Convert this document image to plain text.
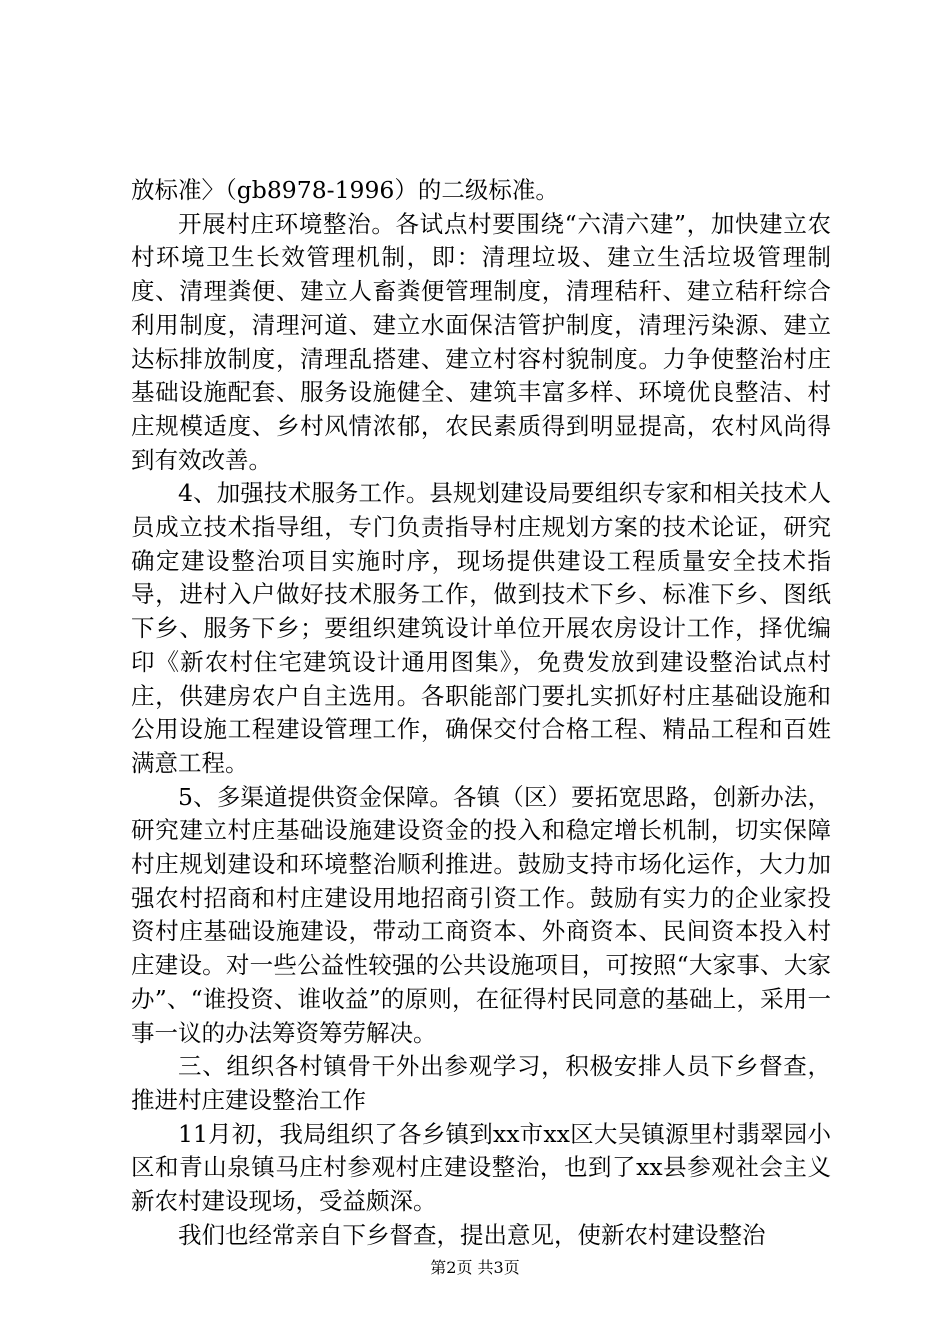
放标准〉（gb8978-1996）的二级标准。

开展村庄环境整治。各试点村要围绕“六清六建”，加快建立农村环境卫生长效管理机制，即：清理垃圾、建立生活垃圾管理制度、清理粪便、建立人畜粪便管理制度，清理秸秆、建立秸秆综合利用制度，清理河道、建立水面保洁管护制度，清理污染源、建立达标排放制度，清理乱搭建、建立村容村貌制度。力争使整治村庄基础设施配套、服务设施健全、建筑丰富多样、环境优良整洁、村庄规模适度、乡村风情浓郁，农民素质得到明显提高，农村风尚得到有效改善。

4、加强技术服务工作。县规划建设局要组织专家和相关技术人员成立技术指导组，专门负责指导村庄规划方案的技术论证，研究确定建设整治项目实施时序，现场提供建设工程质量安全技术指导，进村入户做好技术服务工作，做到技术下乡、标准下乡、图纸下乡、服务下乡；要组织建筑设计单位开展农房设计工作，择优编印《新农村住宅建筑设计通用图集》，免费发放到建设整治试点村庄，供建房农户自主选用。各职能部门要扎实抓好村庄基础设施和公用设施工程建设管理工作，确保交付合格工程、精品工程和百姓满意工程。

5、多渠道提供资金保障。各镇（区）要拓宽思路，创新办法，研究建立村庄基础设施建设资金的投入和稳定增长机制，切实保障村庄规划建设和环境整治顺利推进。鼓励支持市场化运作，大力加强农村招商和村庄建设用地招商引资工作。鼓励有实力的企业家投资村庄基础设施建设，带动工商资本、外商资本、民间资本投入村庄建设。对一些公益性较强的公共设施项目，可按照“大家事、大家办”、“谁投资、谁收益”的原则，在征得村民同意的基础上，采用一事一议的办法筹资筹劳解决。

三、组织各村镇骨干外出参观学习，积极安排人员下乡督查，推进村庄建设整治工作

11月初，我局组织了各乡镇到xx市xx区大吴镇源里村翡翠园小区和青山泉镇马庄村参观村庄建设整治，也到了xx县参观社会主义新农村建设现场，受益颇深。

我们也经常亲自下乡督查，提出意见，使新农村建设整治

第2页 共3页
